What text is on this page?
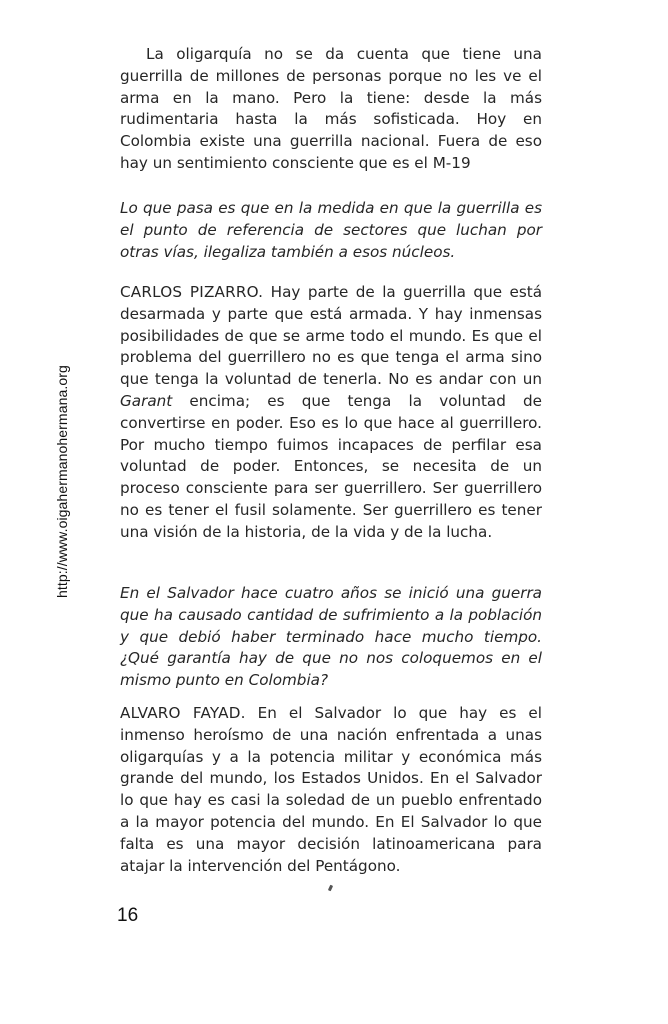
http://www.oigahermanohermana.org

La oligarquía no se da cuenta que tiene una guerrilla de millones de personas porque no les ve el arma en la mano. Pero la tiene: desde la más rudimentaria hasta la más sofisticada. Hoy en Colombia existe una guerrilla nacional. Fuera de eso hay un sentimiento consciente que es el M-19

Lo que pasa es que en la medida en que la guerrilla es el punto de referencia de sectores que luchan por otras vías, ilegaliza también a esos núcleos.

CARLOS PIZARRO. Hay parte de la guerrilla que está desarmada y parte que está armada. Y hay inmensas posibilidades de que se arme todo el mundo. Es que el problema del guerrillero no es que tenga el arma sino que tenga la voluntad de tenerla. No es andar con un Garant encima; es que tenga la voluntad de convertirse en poder. Eso es lo que hace al guerrillero. Por mucho tiempo fuimos incapaces de perfilar esa voluntad de poder. Entonces, se necesita de un proceso consciente para ser guerrillero. Ser guerrillero no es tener el fusil solamente. Ser guerrillero es tener una visión de la historia, de la vida y de la lucha.

En el Salvador hace cuatro años se inició una guerra que ha causado cantidad de sufrimiento a la población y que debió haber terminado hace mucho tiempo. ¿Qué garantía hay de que no nos coloquemos en el mismo punto en Colombia?

ALVARO FAYAD. En el Salvador lo que hay es el inmenso heroísmo de una nación enfrentada a unas oligarquías y a la potencia militar y económica más grande del mundo, los Estados Unidos. En el Salvador lo que hay es casi la soledad de un pueblo enfrentado a la mayor potencia del mundo. En El Salvador lo que falta es una mayor decisión latinoamericana para atajar la intervención del Pentágono.

16
